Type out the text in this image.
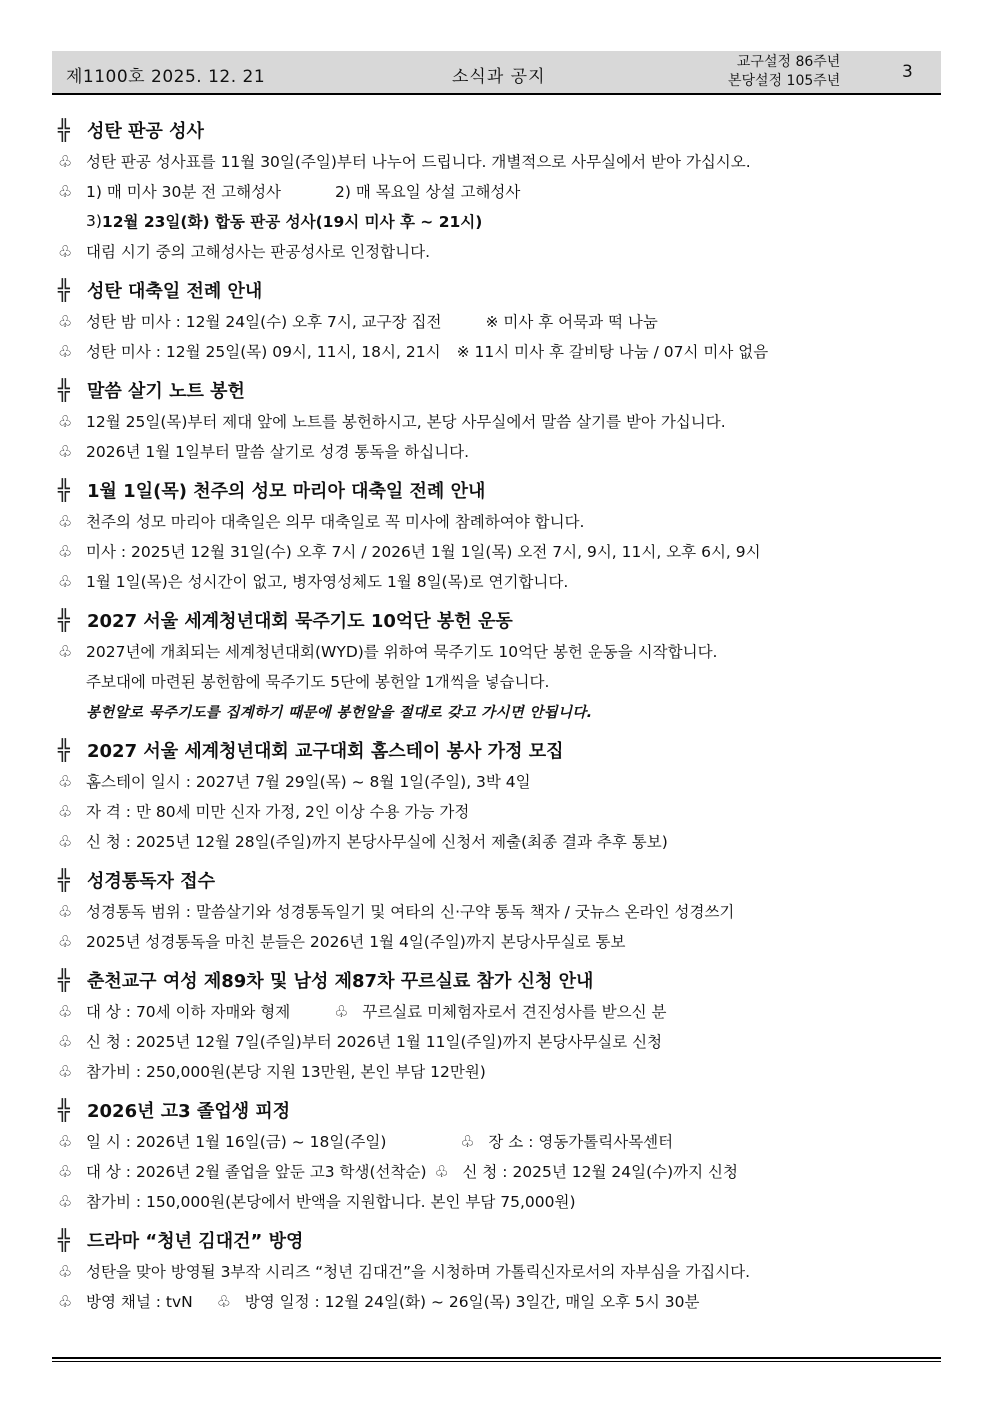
제1100호 2025. 12. 21	소식과 공지
교구설정 86주년
본당설정 105주년	3
╬ 성탄 판공 성사
♧ 성탄 판공 성사표를 11월 30일(주일)부터 나누어 드립니다. 개별적으로 사무실에서 받아 가십시오.
♧ 1) 매 미사 30분 전 고해성사	2) 매 목요일 상설 고해성사
3) 12월 23일(화) 합동 판공 성사(19시 미사 후 ~ 21시)
♧ 대림 시기 중의 고해성사는 판공성사로 인정합니다.
╬ 성탄 대축일 전례 안내
♧ 성탄 밤 미사 : 12월 24일(수) 오후 7시, 교구장 집전	※ 미사 후 어묵과 떡 나눔
♧ 성탄 미사 : 12월 25일(목) 09시, 11시, 18시, 21시 ※ 11시 미사 후 갈비탕 나눔 / 07시 미사 없음
╬ 말씀 살기 노트 봉헌
♧ 12월 25일(목)부터 제대 앞에 노트를 봉헌하시고, 본당 사무실에서 말씀 살기를 받아 가십니다.
♧ 2026년 1월 1일부터 말씀 살기로 성경 통독을 하십니다.
╬ 1월 1일(목) 천주의 성모 마리아 대축일 전례 안내
♧ 천주의 성모 마리아 대축일은 의무 대축일로 꼭 미사에 참례하여야 합니다.
♧ 미사 : 2025년 12월 31일(수) 오후 7시 / 2026년 1월 1일(목) 오전 7시, 9시, 11시, 오후 6시, 9시
♧ 1월 1일(목)은 성시간이 없고, 병자영성체도 1월 8일(목)로 연기합니다.
╬ 2027 서울 세계청년대회 묵주기도 10억단 봉헌 운동
♧ 2027년에 개최되는 세계청년대회(WYD)를 위하여 묵주기도 10억단 봉헌 운동을 시작합니다.
주보대에 마련된 봉헌함에 묵주기도 5단에 봉헌알 1개씩을 넣습니다.
봉헌알로 묵주기도를 집계하기 때문에 봉헌알을 절대로 갖고 가시면 안됩니다.
╬ 2027 서울 세계청년대회 교구대회 홈스테이 봉사 가정 모집
♧ 홈스테이 일시 : 2027년 7월 29일(목) ~ 8월 1일(주일), 3박 4일
♧ 자 격 : 만 80세 미만 신자 가정, 2인 이상 수용 가능 가정
♧ 신 청 : 2025년 12월 28일(주일)까지 본당사무실에 신청서 제출(최종 결과 추후 통보)
╬ 성경통독자 접수
♧ 성경통독 범위 : 말씀살기와 성경통독일기 및 여타의 신·구약 통독 책자 / 굿뉴스 온라인 성경쓰기
♧ 2025년 성경통독을 마친 분들은 2026년 1월 4일(주일)까지 본당사무실로 통보
╬ 춘천교구 여성 제89차 및 남성 제87차 꾸르실료 참가 신청 안내
♧ 대 상 : 70세 이하 자매와 형제	♧ 꾸르실료 미체험자로서 견진성사를 받으신 분
♧ 신 청 : 2025년 12월 7일(주일)부터 2026년 1월 11일(주일)까지 본당사무실로 신청
♧ 참가비 : 250,000원(본당 지원 13만원, 본인 부담 12만원)
╬ 2026년 고3 졸업생 피정
♧ 일 시 : 2026년 1월 16일(금) ~ 18일(주일)	♧ 장 소 : 영동가톨릭사목센터
♧ 대 상 : 2026년 2월 졸업을 앞둔 고3 학생(선착순) ♧ 신 청 : 2025년 12월 24일(수)까지 신청
♧ 참가비 : 150,000원(본당에서 반액을 지원합니다. 본인 부담 75,000원)
╬ 드라마 “청년 김대건” 방영
♧ 성탄을 맞아 방영될 3부작 시리즈 “청년 김대건”을 시청하며 가톨릭신자로서의 자부심을 가집시다.
♧ 방영 채널 : tvN ♧ 방영 일정 : 12월 24일(화) ~ 26일(목) 3일간, 매일 오후 5시 30분
